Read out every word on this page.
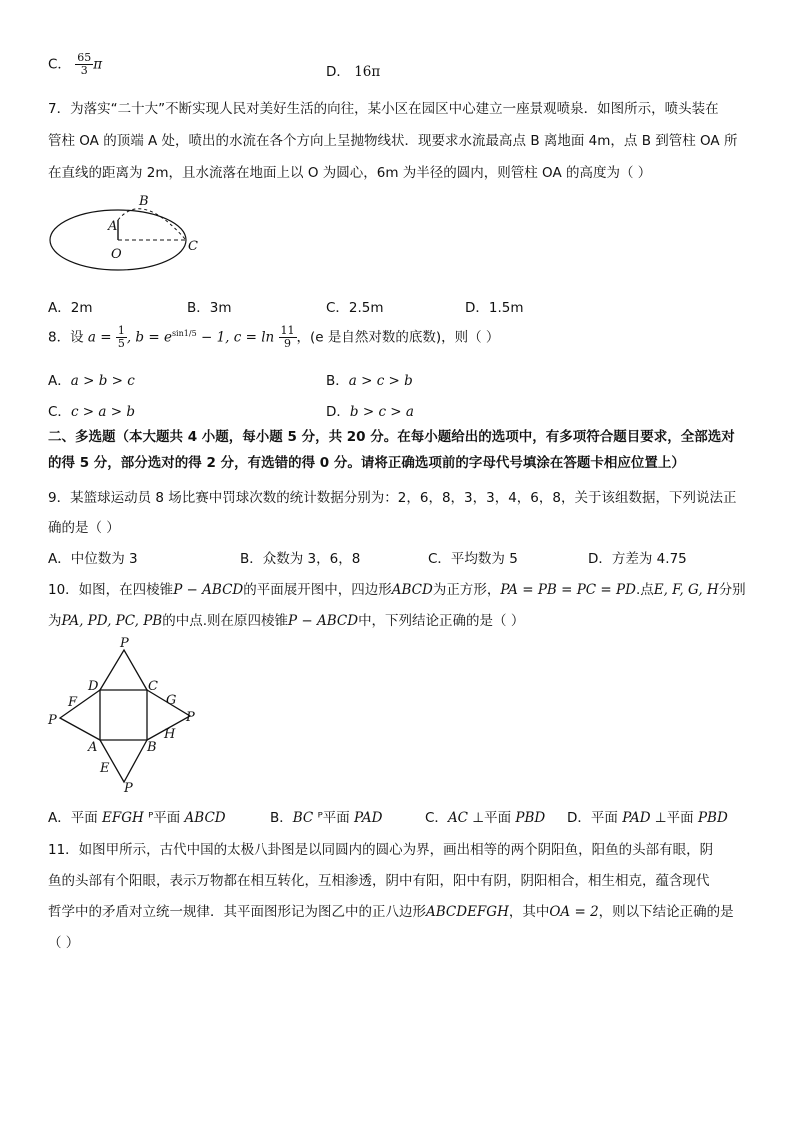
C． $\frac{65}{3}$ π	D． 16π
7．为落实“二十大”不断实现人民对美好生活的向往，某小区在园区中心建立一座景观喷泉．如图所示，喷头装在
管柱 OA 的顶端 A 处，喷出的水流在各个方向上呈抛物线状．现要求水流最高点 B 离地面 4m，点 B 到管柱 OA 所
在直线的距离为 2m，且水流落在地面上以 O 为圆心，6m 为半径的圆内，则管柱 OA 的高度为（ ）
A
B
C
O
A．2m	B．3m	C．2.5m	D．1.5m
8．设 $a = \frac{1}{5}$ , $b = e^{sin1/5} - 1$, $c = \ln \frac{11}{9}$ ，(e 是自然对数的底数)，则（ ）
A．a > b > c	B．a > c > b
C．c > a > b	D．b > c > a
二、多选题（本大题共 4 小题，每小题 5 分，共 20 分。在每小题给出的选项中，有多项符合题目要求，全部选对
的得 5 分，部分选对的得 2 分，有选错的得 0 分。请将正确选项前的字母代号填涂在答题卡相应位置上）
9．某篮球运动员 8 场比赛中罚球次数的统计数据分别为：2，6，8，3，3，4，6，8，关于该组数据，下列说法正
确的是（ ）
A．中位数为 3	B．众数为 3，6，8	C．平均数为 5	D．方差为 4.75
10．如图，在四棱锥P − ABCD的平面展开图中，四边形ABCD为正方形，PA = PB = PC = PD.点E, F, G, H分别
为PA, PD, PC, PB的中点.则在原四棱锥P − ABCD中，下列结论正确的是（ ）
P
D	C
F	G
P	P
H
A	B
E
P
A．平面 EFGH ᴾ平面 ABCD	B．BC ᴾ平面 PAD	C．AC ⊥平面 PBD D．平面 PAD ⊥平面 PBD
11．如图甲所示，古代中国的太极八卦图是以同圆内的圆心为界，画出相等的两个阴阳鱼，阳鱼的头部有眼，阴
鱼的头部有个阳眼，表示万物都在相互转化，互相渗透，阴中有阳，阳中有阴，阴阳相合，相生相克，蕴含现代
哲学中的矛盾对立统一规律．其平面图形记为图乙中的正八边形ABCDEFGH，其中OA = 2，则以下结论正确的是
（ ）
